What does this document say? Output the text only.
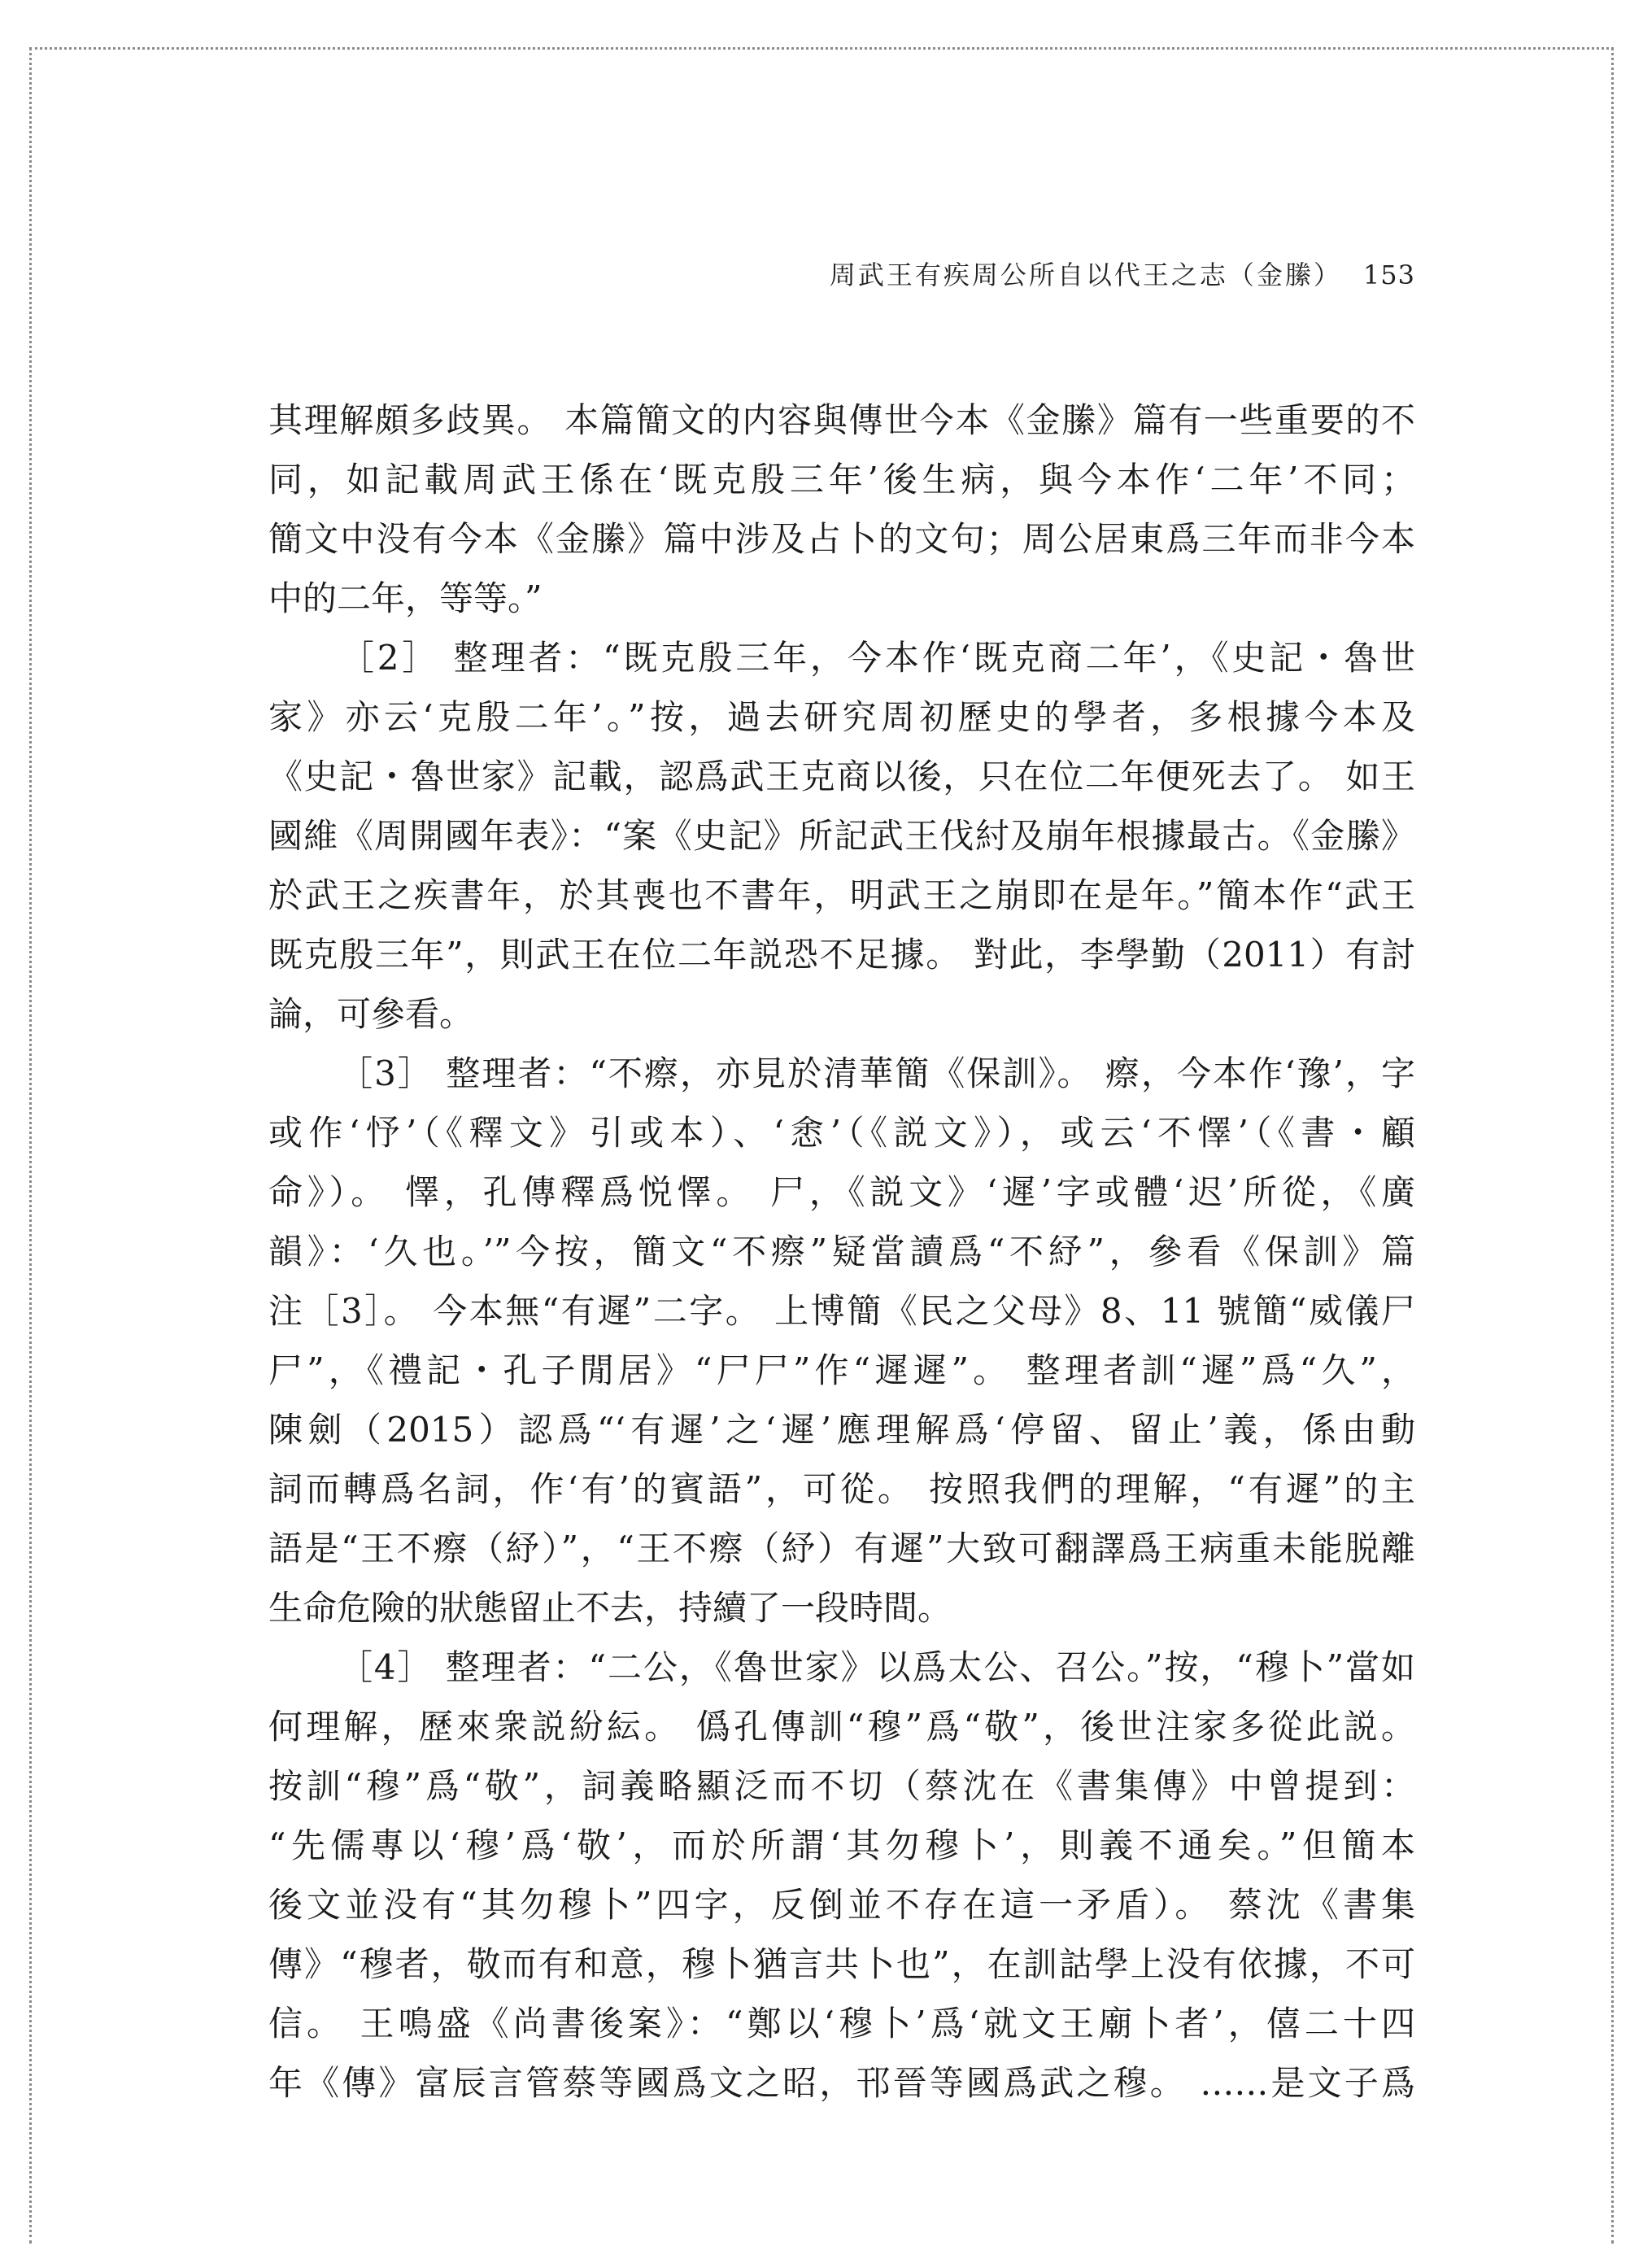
周武王有疾周公所自以代王之志（金縢） 153

其理解頗多歧異。 本篇簡文的内容與傳世今本《金縢》篇有一些重要的不
同，如記載周武王係在‘既克殷三年’後生病，與今本作‘二年’不同；
簡文中没有今本《金縢》篇中涉及占卜的文句；周公居東爲三年而非今本
中的二年，等等。”

［2］ 整理者：“既克殷三年，今本作‘既克商二年’，《史記・魯世
家》亦云‘克殷二年’。”按，過去研究周初歷史的學者，多根據今本及
《史記・魯世家》記載，認爲武王克商以後，只在位二年便死去了。 如王
國維《周開國年表》：“案《史記》所記武王伐紂及崩年根據最古。《金縢》
於武王之疾書年，於其喪也不書年，明武王之崩即在是年。”簡本作“武王
既克殷三年”，則武王在位二年説恐不足據。 對此，李學勤（2011）有討
論，可參看。

［3］ 整理者：“不瘵，亦見於清華簡《保訓》。 瘵，今本作‘豫’，字
或作‘忬’（《釋文》引或本）、‘悆’（《説文》），或云‘不懌’（《書・顧
命》）。 懌，孔傳釋爲悦懌。 尸，《説文》‘遲’字或體‘迟’所從，《廣
韻》：‘久也。’”今按，簡文“不瘵”疑當讀爲“不紓”，參看《保訓》篇
注［3］。 今本無“有遲”二字。 上博簡《民之父母》8、11 號簡“威儀尸
尸”，《禮記・孔子閒居》“尸尸”作“遲遲”。 整理者訓“遲”爲“久”，
陳劍（2015）認爲“‘有遲’之‘遲’應理解爲‘停留、留止’義，係由動
詞而轉爲名詞，作‘有’的賓語”，可從。 按照我們的理解，“有遲”的主
語是“王不瘵（紓）”，“王不瘵（紓）有遲”大致可翻譯爲王病重未能脱離
生命危險的狀態留止不去，持續了一段時間。

［4］ 整理者：“二公，《魯世家》以爲太公、召公。”按，“穆卜”當如
何理解，歷來衆説紛紜。 僞孔傳訓“穆”爲“敬”，後世注家多從此説。
按訓“穆”爲“敬”，詞義略顯泛而不切（蔡沈在《書集傳》中曾提到：
“先儒專以‘穆’爲‘敬’，而於所謂‘其勿穆卜’，則義不通矣。”但簡本
後文並没有“其勿穆卜”四字，反倒並不存在這一矛盾）。 蔡沈《書集
傳》“穆者，敬而有和意，穆卜猶言共卜也”，在訓詁學上没有依據，不可
信。 王鳴盛《尚書後案》：“鄭以‘穆卜’爲‘就文王廟卜者’，僖二十四
年《傳》富辰言管蔡等國爲文之昭，邗晉等國爲武之穆。 ……是文子爲
